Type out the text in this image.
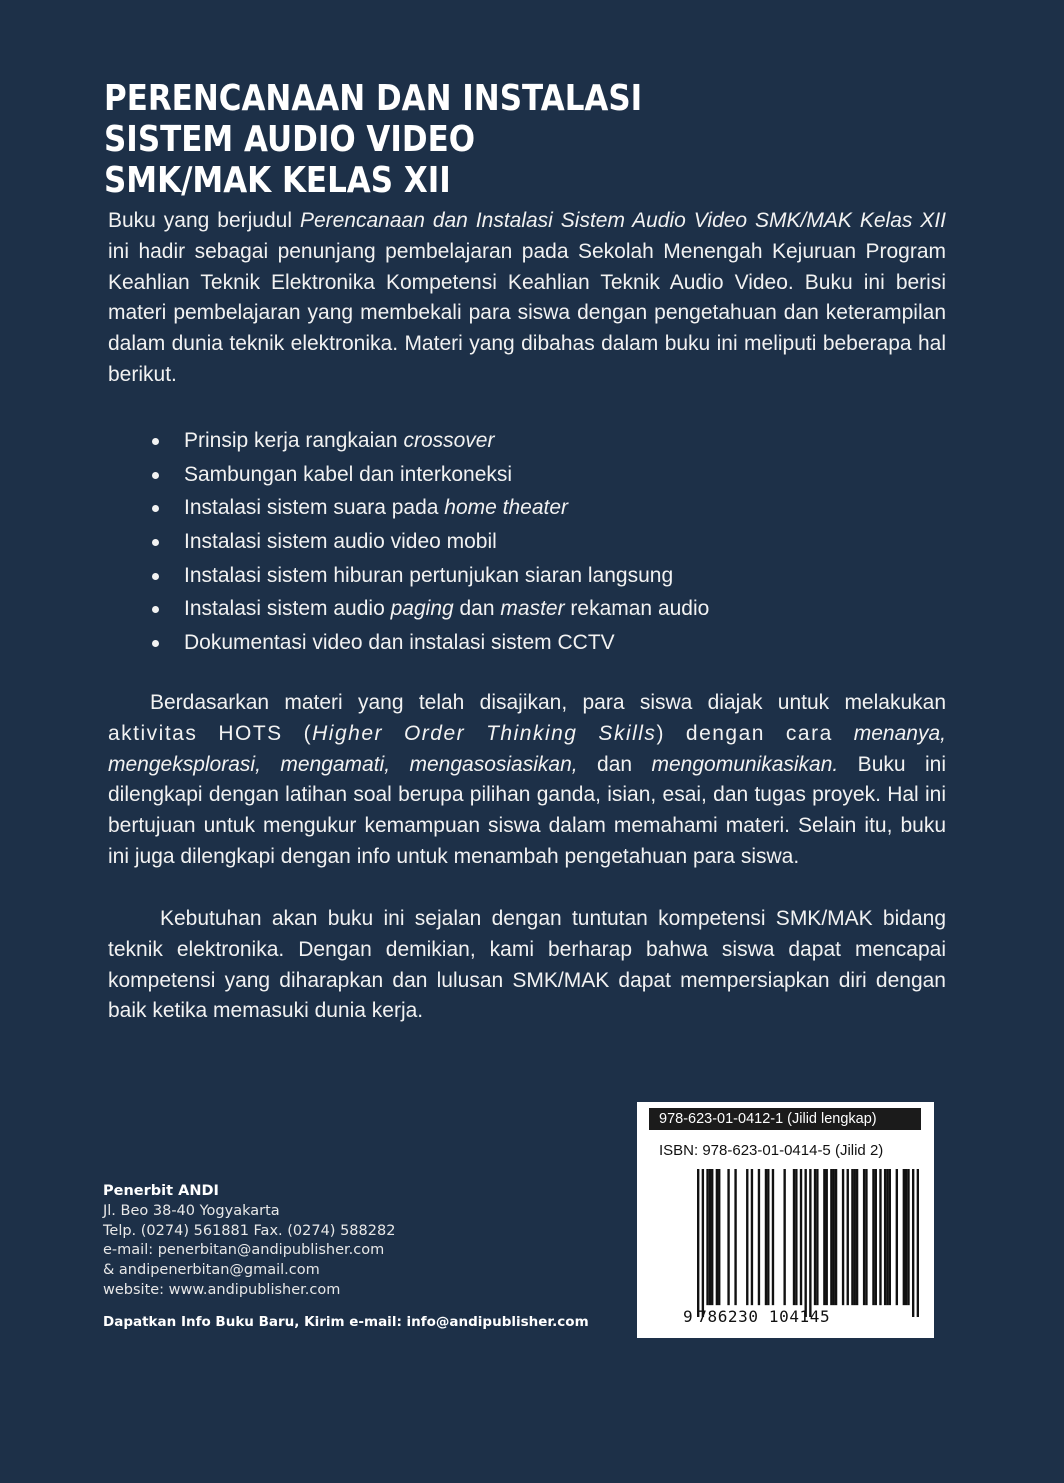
PERENCANAAN DAN INSTALASI
SISTEM AUDIO VIDEO
SMK/MAK KELAS XII

Buku yang berjudul Perencanaan dan Instalasi Sistem Audio Video SMK/MAK Kelas XII ini hadir sebagai penunjang pembelajaran pada Sekolah Menengah Kejuruan Program Keahlian Teknik Elektronika Kompetensi Keahlian Teknik Audio Video. Buku ini berisi materi pembelajaran yang membekali para siswa dengan pengetahuan dan keterampilan dalam dunia teknik elektronika. Materi yang dibahas dalam buku ini meliputi beberapa hal berikut.

Prinsip kerja rangkaian crossover
Sambungan kabel dan interkoneksi
Instalasi sistem suara pada home theater
Instalasi sistem audio video mobil
Instalasi sistem hiburan pertunjukan siaran langsung
Instalasi sistem audio paging dan master rekaman audio
Dokumentasi video dan instalasi sistem CCTV

Berdasarkan materi yang telah disajikan, para siswa diajak untuk melakukan aktivitas HOTS (Higher Order Thinking Skills) dengan cara menanya, mengeksplorasi, mengamati, mengasosiasikan, dan mengomunikasikan. Buku ini dilengkapi dengan latihan soal berupa pilihan ganda, isian, esai, dan tugas proyek. Hal ini bertujuan untuk mengukur kemampuan siswa dalam memahami materi. Selain itu, buku ini juga dilengkapi dengan info untuk menambah pengetahuan para siswa.

Kebutuhan akan buku ini sejalan dengan tuntutan kompetensi SMK/MAK bidang teknik elektronika. Dengan demikian, kami berharap bahwa siswa dapat mencapai kompetensi yang diharapkan dan lulusan SMK/MAK dapat mempersiapkan diri dengan baik ketika memasuki dunia kerja.

Penerbit ANDI
Jl. Beo 38-40 Yogyakarta
Telp. (0274) 561881 Fax. (0274) 588282
e-mail: penerbitan@andipublisher.com
& andipenerbitan@gmail.com
website: www.andipublisher.com
Dapatkan Info Buku Baru, Kirim e-mail: info@andipublisher.com
978-623-01-0412-1 (Jilid lengkap)
ISBN: 978-623-01-0414-5 (Jilid 2)
9 786230 104145
